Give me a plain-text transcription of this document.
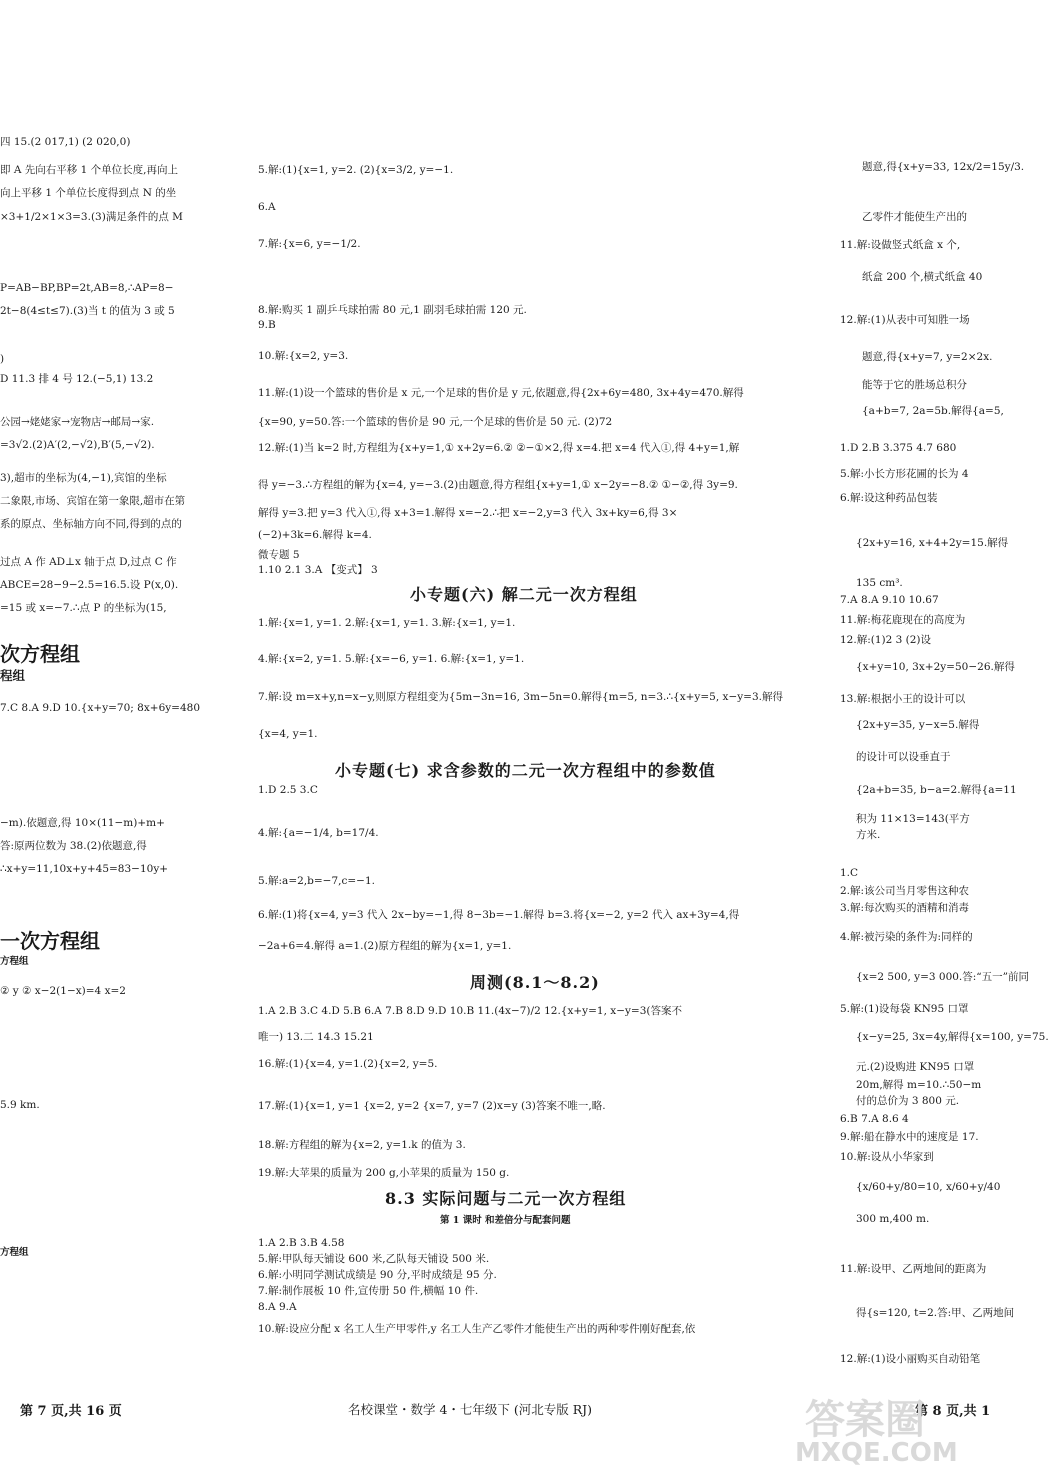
四 15.(2 017,1) (2 020,0)
即 A 先向右平移 1 个单位长度,再向上
向上平移 1 个单位长度得到点 N 的坐
×3+1/2×1×3=3.(3)满足条件的点 M
P=AB−BP,BP=2t,AB=8,∴AP=8−
2t−8(4≤t≤7).(3)当 t 的值为 3 或 5
)
D 11.3 排 4 号 12.(−5,1) 13.2
公园→姥姥家→宠物店→邮局→家.
=3√2.(2)A′(2,−√2),B′(5,−√2).
3),超市的坐标为(4,−1),宾馆的坐标
二象限,市场、宾馆在第一象限,超市在第
系的原点、坐标轴方向不同,得到的点的
过点 A 作 AD⊥x 轴于点 D,过点 C 作
ABCE=28−9−2.5=16.5.设 P(x,0).
=15 或 x=−7.∴点 P 的坐标为(15,
7.C 8.A 9.D 10.{x+y=70; 8x+6y=480
−m).依题意,得 10×(11−m)+m+
答:原两位数为 38.(2)依题意,得
∴x+y=11,10x+y+45=83−10y+
② y ② x−2(1−x)=4 x=2
5.9 km.
次方程组
程组
一次方程组
方程组
方程组
5.解:(1){x=1, y=2. (2){x=3/2, y=−1.
6.A
7.解:{x=6, y=−1/2.
8.解:购买 1 副乒乓球拍需 80 元,1 副羽毛球拍需 120 元.
9.B
10.解:{x=2, y=3.
11.解:(1)设一个篮球的售价是 x 元,一个足球的售价是 y 元,依题意,得{2x+6y=480, 3x+4y=470.解得
{x=90, y=50.答:一个篮球的售价是 90 元,一个足球的售价是 50 元. (2)72
12.解:(1)当 k=2 时,方程组为{x+y=1,① x+2y=6.② ②−①×2,得 x=4.把 x=4 代入①,得 4+y=1,解
得 y=−3.∴方程组的解为{x=4, y=−3.(2)由题意,得方程组{x+y=1,① x−2y=−8.② ①−②,得 3y=9.
解得 y=3.把 y=3 代入①,得 x+3=1.解得 x=−2.∴把 x=−2,y=3 代入 3x+ky=6,得 3×
(−2)+3k=6.解得 k=4.
微专题 5
1.10 2.1 3.A 【变式】 3
1.解:{x=1, y=1. 2.解:{x=1, y=1. 3.解:{x=1, y=1.
4.解:{x=2, y=1. 5.解:{x=−6, y=1. 6.解:{x=1, y=1.
7.解:设 m=x+y,n=x−y,则原方程组变为{5m−3n=16, 3m−5n=0.解得{m=5, n=3.∴{x+y=5, x−y=3.解得
{x=4, y=1.
1.D 2.5 3.C
4.解:{a=−1/4, b=17/4.
5.解:a=2,b=−7,c=−1.
6.解:(1)将{x=4, y=3 代入 2x−by=−1,得 8−3b=−1.解得 b=3.将{x=−2, y=2 代入 ax+3y=4,得
−2a+6=4.解得 a=1.(2)原方程组的解为{x=1, y=1.
1.A 2.B 3.C 4.D 5.B 6.A 7.B 8.D 9.D 10.B 11.(4x−7)/2 12.{x+y=1, x−y=3(答案不
唯一) 13.二 14.3 15.21
16.解:(1){x=4, y=1.(2){x=2, y=5.
17.解:(1){x=1, y=1 {x=2, y=2 {x=7, y=7 (2)x=y (3)答案不唯一,略.
18.解:方程组的解为{x=2, y=1.k 的值为 3.
19.解:大苹果的质量为 200 g,小苹果的质量为 150 g.
1.A 2.B 3.B 4.58
5.解:甲队每天铺设 600 米,乙队每天铺设 500 米.
6.解:小明同学测试成绩是 90 分,平时成绩是 95 分.
7.解:制作展板 10 件,宣传册 50 件,横幅 10 件.
8.A 9.A
10.解:设应分配 x 名工人生产甲零件,y 名工人生产乙零件才能使生产出的两种零件刚好配套,依
小专题(六) 解二元一次方程组
小专题(七) 求含参数的二元一次方程组中的参数值
周测(8.1～8.2)
8.3 实际问题与二元一次方程组
第 1 课时 和差倍分与配套问题
题意,得{x+y=33, 12x/2=15y/3.
乙零件才能使生产出的
11.解:设做竖式纸盒 x 个,
纸盒 200 个,横式纸盒 40
12.解:(1)从表中可知胜一场
题意,得{x+y=7, y=2×2x.
能等于它的胜场总积分
{a+b=7, 2a=5b.解得{a=5,
1.D 2.B 3.375 4.7 680
5.解:小长方形花圃的长为 4
6.解:设这种药品包装
{2x+y=16, x+4+2y=15.解得
135 cm³.
7.A 8.A 9.10 10.67
11.解:梅花鹿现在的高度为
12.解:(1)2 3 (2)设
{x+y=10, 3x+2y=50−26.解得
13.解:根据小王的设计可以
{2x+y=35, y−x=5.解得
的设计可以设垂直于
{2a+b=35, b−a=2.解得{a=11
积为 11×13=143(平方
方米.
1.C
2.解:该公司当月零售这种农
3.解:每次购买的酒精和消毒
4.解:被污染的条件为:同样的
{x=2 500, y=3 000.答:“五一”前同
5.解:(1)设每袋 KN95 口罩
{x−y=25, 3x=4y,解得{x=100, y=75.
元.(2)设购进 KN95 口罩
20m,解得 m=10.∴50−m
付的总价为 3 800 元.
6.B 7.A 8.6 4
9.解:船在静水中的速度是 17.
10.解:设从小华家到
{x/60+y/80=10, x/60+y/40
300 m,400 m.
11.解:设甲、乙两地间的距离为
得{s=120, t=2.答:甲、乙两地间
12.解:(1)设小丽购买自动铅笔
第 7 页,共 16 页	名校课堂・数学 4・七年级下 (河北专版 RJ)	第 8 页,共 1
答案圈
MXQE.COM
